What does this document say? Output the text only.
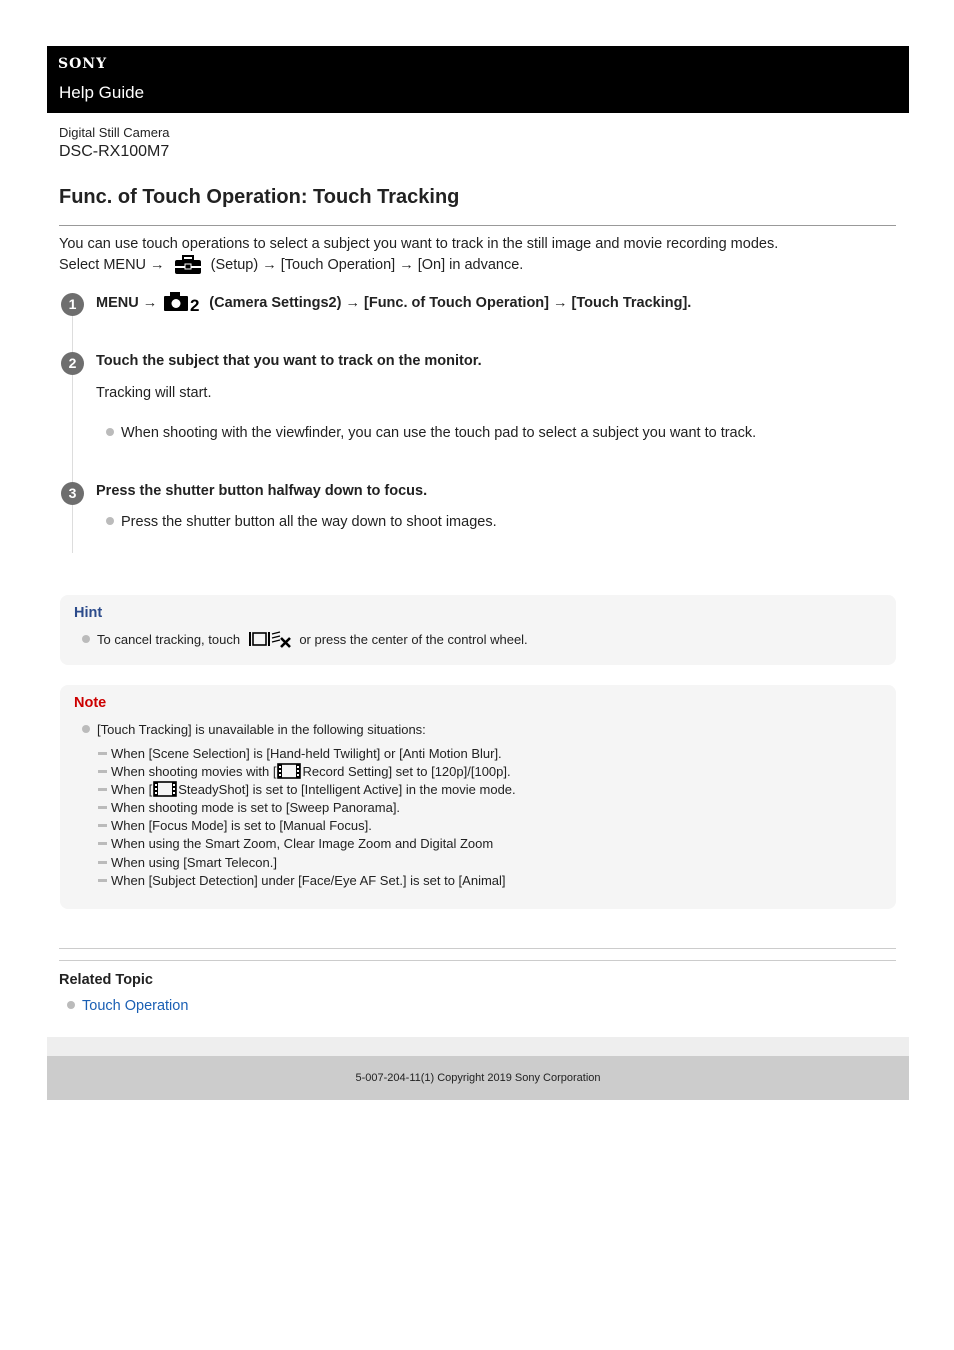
SONY
Help Guide
Digital Still Camera
DSC-RX100M7
Func. of Touch Operation: Touch Tracking
You can use touch operations to select a subject you want to track in the still image and movie recording modes.
Select MENU →	(Setup) → [Touch Operation] → [On] in advance.
1	MENU → 2 (Camera Settings2) → [Func. of Touch Operation] → [Touch Tracking].
2	Touch the subject that you want to track on the monitor.
Tracking will start.
When shooting with the viewfinder, you can use the touch pad to select a subject you want to track.
3	Press the shutter button halfway down to focus.
Press the shutter button all the way down to shoot images.
Hint
To cancel tracking, touch	or press the center of the control wheel.
Note
[Touch Tracking] is unavailable in the following situations:
When [Scene Selection] is [Hand-held Twilight] or [Anti Motion Blur].
When shooting movies with [ Record Setting] set to [120p]/[100p].
When [ SteadyShot] is set to [Intelligent Active] in the movie mode.
When shooting mode is set to [Sweep Panorama].
When [Focus Mode] is set to [Manual Focus].
When using the Smart Zoom, Clear Image Zoom and Digital Zoom
When using [Smart Telecon.]
When [Subject Detection] under [Face/Eye AF Set.] is set to [Animal]
Related Topic
Touch Operation
5-007-204-11(1) Copyright 2019 Sony Corporation
